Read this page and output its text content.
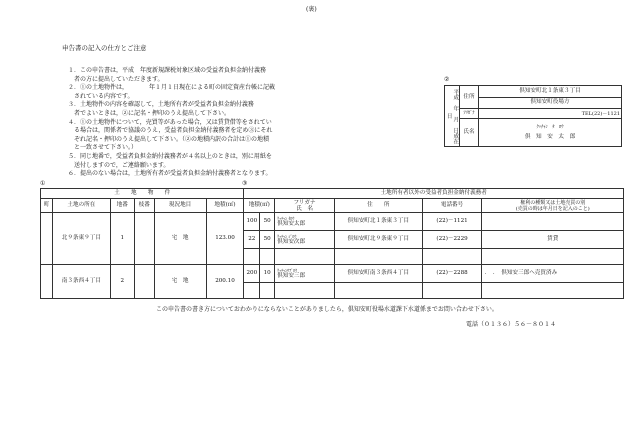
(裏)
申告書の記入の仕方とご注意

１．この申告書は，平成　年度新規課税対象区域の受益者負担金納付義務
　者の方に提出していただきます。

２．①の土地物件は，　　　　年１月１日現在による町の固定資産台帳に記載
　されている内容です。

３．土地物件の内容を確認して，土地所有者が受益者負担金納付義務
　者でよいときは，②に記名・押印のうえ提出して下さい。

４．①の土地物件について，売買等があった場合，又は賃貸借等をされてい
　る場合は，関係者で協議のうえ，受益者負担金納付義務者を定め③にそれ
　ぞれ記名・押印のうえ提出して下さい。（②の地積内訳の合計は①の地積
　と一致させて下さい。）

５．同じ地番で，受益者負担金納付義務者が４名以上のときは，別に用紙を
　送付しますので，ご連絡願います。

６．提出のない場合は，土地所有者が受益者負担金納付義務者となります。

②
平成　年　月　日成在　日	住所	倶知安町北１条東３丁目
		倶知安町役場方
	ﾌﾘｶﾞﾅ	TEL(22)－1121
	氏名	ｸｯﾁｬﾝ　ﾀ　ﾛｳ
倶　知　安　太　郎
①	③
土　　地　　物　　件						土地所有者以外の受益者負担金納付義務者					
町	土地の所在	地番	枝番	現況地目	地積(㎡)	地積(㎡)		フリガナ
氏　名	住　　所	電話番号	権利の種類又は土地売買の別
(売買の時は年月日を記入のこと)
	北９条東９丁目	1		宅　地	123.00	100	50	ｸｯﾁｬﾝ ﾀﾛｳ
倶知安太郎	倶知安町北１条東３丁目	(22)－1121	
						22	50	ｸｯﾁｬﾝ ｼﾞﾛｳ
倶知安次郎	倶知安町北９条東９丁目	(22)－2229	賃貸

	南３条西４丁目	2		宅　地	200.10	200	10	ｸｯﾁｬﾝｻﾌﾞﾛｳ
倶知安三郎	倶知安町南３条西４丁目	(22)－2288	．　．　倶知安三郎へ売買済み

この申告書の書き方についておわかりにならないことがありましたら，倶知安町役場水道課下水道係までお問い合わせ下さい。
電話（０１３６）５６－８０１４
